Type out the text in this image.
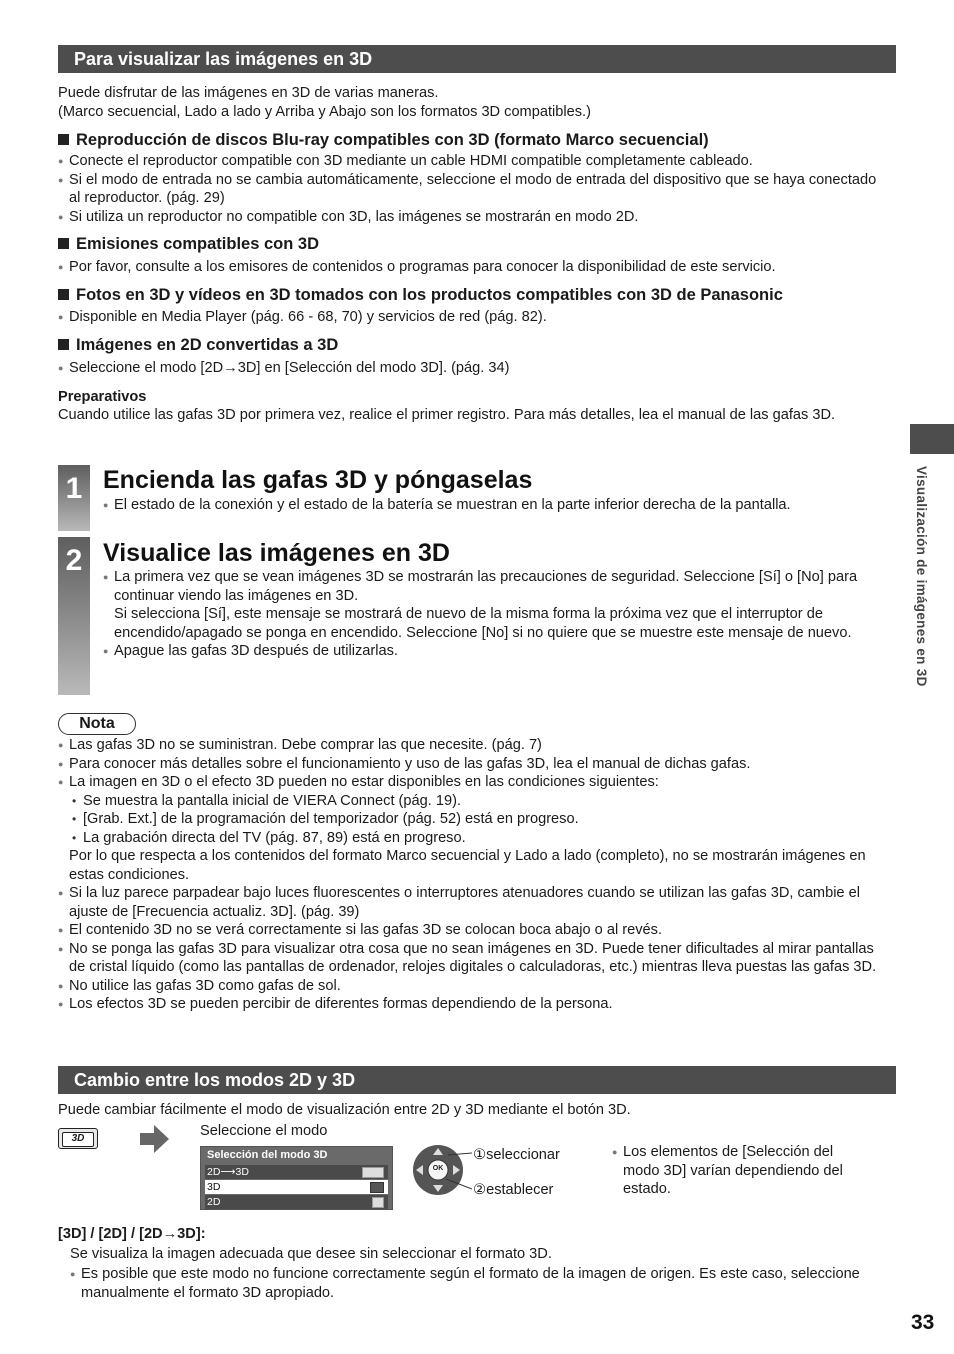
Para visualizar las imágenes en 3D
Puede disfrutar de las imágenes en 3D de varias maneras.
(Marco secuencial, Lado a lado y Arriba y Abajo son los formatos 3D compatibles.)
Reproducción de discos Blu-ray compatibles con 3D (formato Marco secuencial)
● Conecte el reproductor compatible con 3D mediante un cable HDMI compatible completamente cableado.
● Si el modo de entrada no se cambia automáticamente, seleccione el modo de entrada del dispositivo que se haya conectado al reproductor. (pág. 29)
● Si utiliza un reproductor no compatible con 3D, las imágenes se mostrarán en modo 2D.
Emisiones compatibles con 3D
● Por favor, consulte a los emisores de contenidos o programas para conocer la disponibilidad de este servicio.
Fotos en 3D y vídeos en 3D tomados con los productos compatibles con 3D de Panasonic
● Disponible en Media Player (pág. 66 - 68, 70) y servicios de red (pág. 82).
Imágenes en 2D convertidas a 3D
● Seleccione el modo [2D→3D] en [Selección del modo 3D]. (pág. 34)
Preparativos
Cuando utilice las gafas 3D por primera vez, realice el primer registro. Para más detalles, lea el manual de las gafas 3D.
1 Encienda las gafas 3D y póngaselas
● El estado de la conexión y el estado de la batería se muestran en la parte inferior derecha de la pantalla.
2 Visualice las imágenes en 3D
● La primera vez que se vean imágenes 3D se mostrarán las precauciones de seguridad. Seleccione [Sí] o [No] para continuar viendo las imágenes en 3D.
Si selecciona [Sí], este mensaje se mostrará de nuevo de la misma forma la próxima vez que el interruptor de encendido/apagado se ponga en encendido. Seleccione [No] si no quiere que se muestre este mensaje de nuevo.
● Apague las gafas 3D después de utilizarlas.
Nota
● Las gafas 3D no se suministran. Debe comprar las que necesite. (pág. 7)
● Para conocer más detalles sobre el funcionamiento y uso de las gafas 3D, lea el manual de dichas gafas.
● La imagen en 3D o el efecto 3D pueden no estar disponibles en las condiciones siguientes:
• Se muestra la pantalla inicial de VIERA Connect (pág. 19).
• [Grab. Ext.] de la programación del temporizador (pág. 52) está en progreso.
• La grabación directa del TV (pág. 87, 89) está en progreso.
Por lo que respecta a los contenidos del formato Marco secuencial y Lado a lado (completo), no se mostrarán imágenes en estas condiciones.
● Si la luz parece parpadear bajo luces fluorescentes o interruptores atenuadores cuando se utilizan las gafas 3D, cambie el ajuste de [Frecuencia actualiz. 3D]. (pág. 39)
● El contenido 3D no se verá correctamente si las gafas 3D se colocan boca abajo o al revés.
● No se ponga las gafas 3D para visualizar otra cosa que no sean imágenes en 3D. Puede tener dificultades al mirar pantallas de cristal líquido (como las pantallas de ordenador, relojes digitales o calculadoras, etc.) mientras lleva puestas las gafas 3D.
● No utilice las gafas 3D como gafas de sol.
● Los efectos 3D se pueden percibir de diferentes formas dependiendo de la persona.
Cambio entre los modos 2D y 3D
Puede cambiar fácilmente el modo de visualización entre 2D y 3D mediante el botón 3D.
3D	Seleccione el modo
Selección del modo 3D
2D⟶3D
3D
2D
OK
①seleccionar
②establecer
● Los elementos de [Selección del modo 3D] varían dependiendo del estado.
[3D] / [2D] / [2D→3D]:
Se visualiza la imagen adecuada que desee sin seleccionar el formato 3D.
● Es posible que este modo no funcione correctamente según el formato de la imagen de origen. Es este caso, seleccione manualmente el formato 3D apropiado.
Visualización de imágenes en 3D
33
